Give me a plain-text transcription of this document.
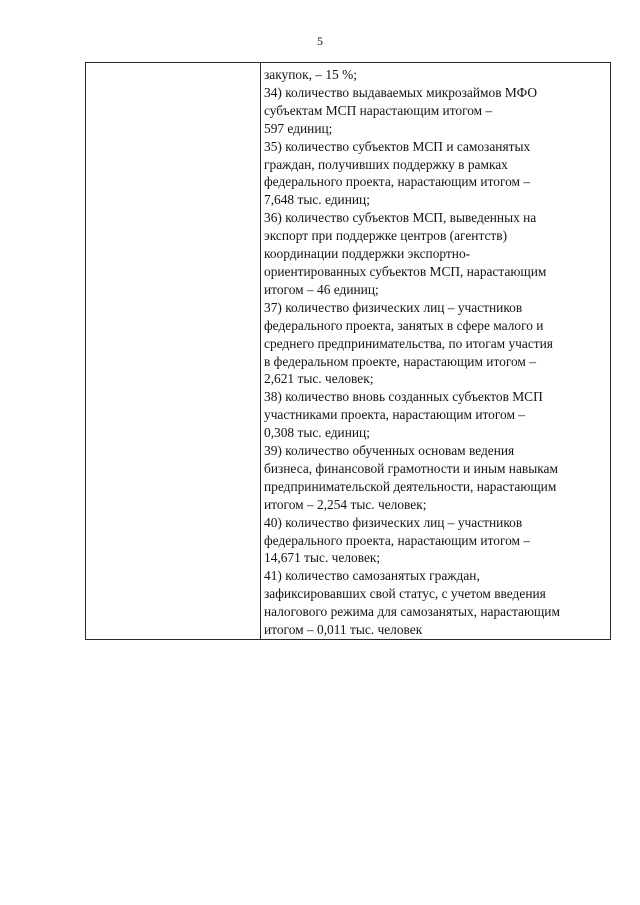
5

закупок, – 15 %;
34) количество выдаваемых микрозаймов МФО
субъектам МСП нарастающим итогом –
597 единиц;
35) количество субъектов МСП и самозанятых
граждан, получивших поддержку в рамках
федерального проекта, нарастающим итогом –
7,648 тыс. единиц;
36) количество субъектов МСП, выведенных на
экспорт при поддержке центров (агентств)
координации поддержки экспортно-
ориентированных субъектов МСП, нарастающим
итогом – 46 единиц;
37) количество физических лиц – участников
федерального проекта, занятых в сфере малого и
среднего предпринимательства, по итогам участия
в федеральном проекте, нарастающим итогом –
2,621 тыс. человек;
38) количество вновь созданных субъектов МСП
участниками проекта, нарастающим итогом –
0,308 тыс. единиц;
39) количество обученных основам ведения
бизнеса, финансовой грамотности и иным навыкам
предпринимательской деятельности, нарастающим
итогом – 2,254 тыс. человек;
40) количество физических лиц – участников
федерального проекта, нарастающим итогом –
14,671 тыс. человек;
41) количество самозанятых граждан,
зафиксировавших свой статус, с учетом введения
налогового режима для самозанятых, нарастающим
итогом – 0,011 тыс. человек
